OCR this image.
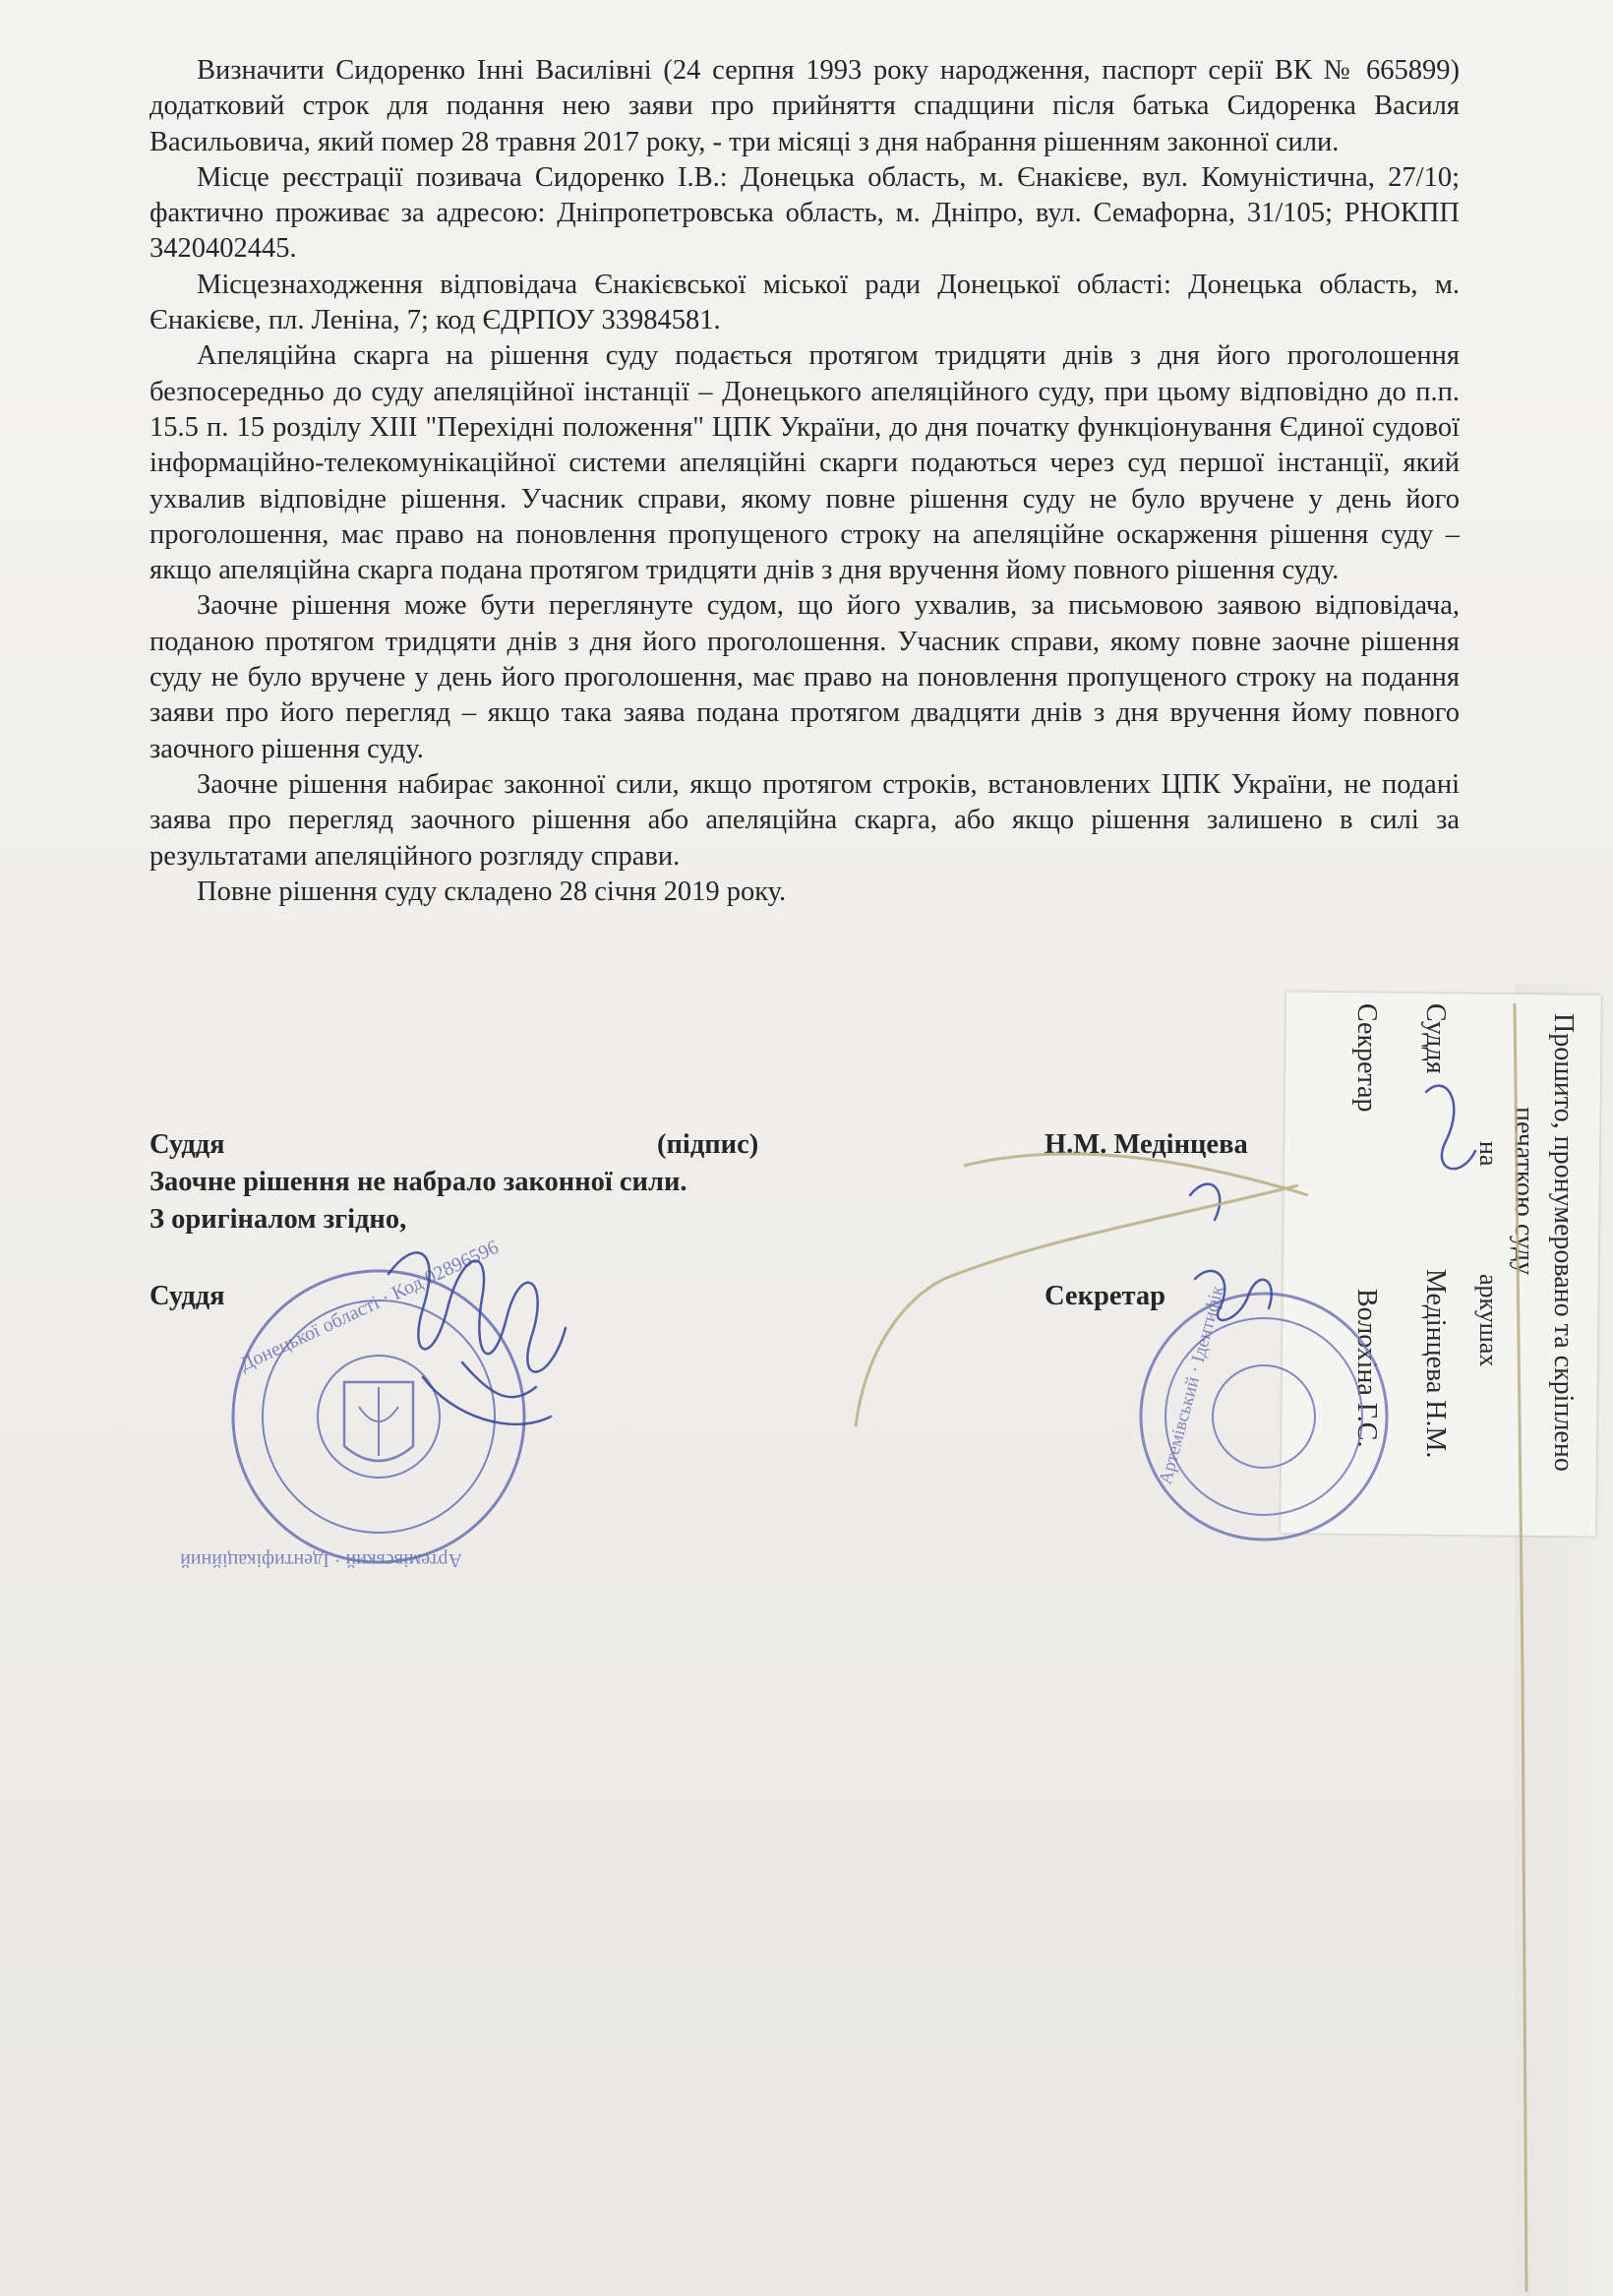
Визначити Сидоренко Інні Василівні (24 серпня 1993 року народження, паспорт серії ВК № 665899) додатковий строк для подання нею заяви про прийняття спадщини після батька Сидоренка Василя Васильовича, який помер 28 травня 2017 року, - три місяці з дня набрання рішенням законної сили.

Місце реєстрації позивача Сидоренко І.В.: Донецька область, м. Єнакієве, вул. Комуністична, 27/10; фактично проживає за адресою: Дніпропетровська область, м. Дніпро, вул. Семафорна, 31/105; РНОКПП 3420402445.

Місцезнаходження відповідача Єнакієвської міської ради Донецької області: Донецька область, м. Єнакієве, пл. Леніна, 7; код ЄДРПОУ 33984581.

Апеляційна скарга на рішення суду подається протягом тридцяти днів з дня його проголошення безпосередньо до суду апеляційної інстанції – Донецького апеляційного суду, при цьому відповідно до п.п. 15.5 п. 15 розділу XIII "Перехідні положення" ЦПК України, до дня початку функціонування Єдиної судової інформаційно-телекомунікаційної системи апеляційні скарги подаються через суд першої інстанції, який ухвалив відповідне рішення. Учасник справи, якому повне рішення суду не було вручене у день його проголошення, має право на поновлення пропущеного строку на апеляційне оскарження рішення суду – якщо апеляційна скарга подана протягом тридцяти днів з дня вручення йому повного рішення суду.

Заочне рішення може бути переглянуте судом, що його ухвалив, за письмовою заявою відповідача, поданою протягом тридцяти днів з дня його проголошення. Учасник справи, якому повне заочне рішення суду не було вручене у день його проголошення, має право на поновлення пропущеного строку на подання заяви про його перегляд – якщо така заява подана протягом двадцяти днів з дня вручення йому повного заочного рішення суду.

Заочне рішення набирає законної сили, якщо протягом строків, встановлених ЦПК України, не подані заява про перегляд заочного рішення або апеляційна скарга, або якщо рішення залишено в силі за результатами апеляційного розгляду справи.

Повне рішення суду складено 28 січня 2019 року.

Прошито, пронумеровано та скріплено
печаткою суду
на
аркушах
Суддя
Медінцева Н.М.
Секретар
Волохіна Г.С.
Суддя	(підпис)	Н.М. Медінцева
Заочне рішення не набрало законної сили.
З оригіналом згідно,
Суддя	Секретар
Донецької області · Код 02896596
Артемівський · Ідентифікаційний
Артемівський · Ідентифік
